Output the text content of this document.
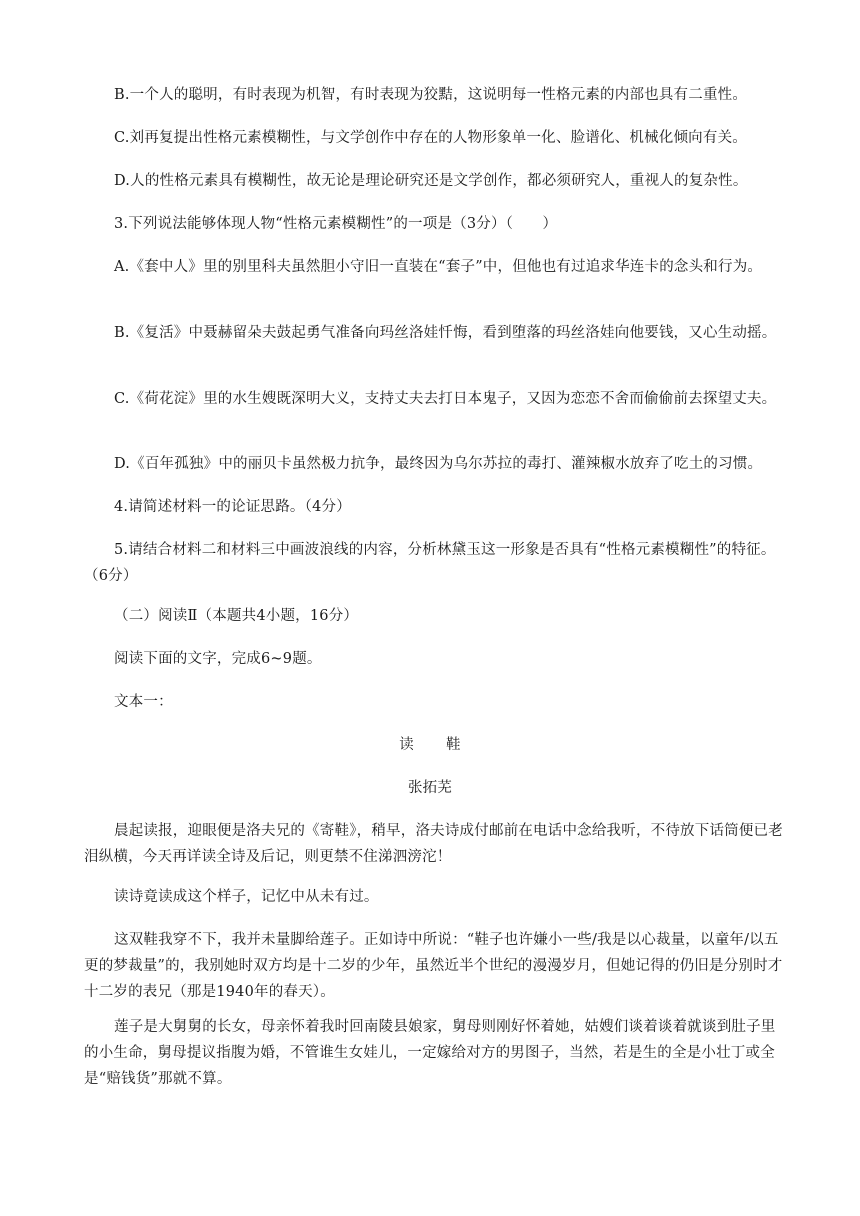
B.一个人的聪明，有时表现为机智，有时表现为狡黠，这说明每一性格元素的内部也具有二重性。
C.刘再复提出性格元素模糊性，与文学创作中存在的人物形象单一化、脸谱化、机械化倾向有关。
D.人的性格元素具有模糊性，故无论是理论研究还是文学创作，都必须研究人，重视人的复杂性。
3.下列说法能够体现人物“性格元素模糊性”的一项是（3分）（　　）
A.《套中人》里的别里科夫虽然胆小守旧一直装在“套子”中，但他也有过追求华连卡的念头和行为。
B.《复活》中聂赫留朵夫鼓起勇气准备向玛丝洛娃忏悔，看到堕落的玛丝洛娃向他要钱，又心生动摇。
C.《荷花淀》里的水生嫂既深明大义，支持丈夫去打日本鬼子，又因为恋恋不舍而偷偷前去探望丈夫。
D.《百年孤独》中的丽贝卡虽然极力抗争，最终因为乌尔苏拉的毒打、灌辣椒水放弃了吃土的习惯。
4.请简述材料一的论证思路。（4分）
5.请结合材料二和材料三中画波浪线的内容，分析林黛玉这一形象是否具有“性格元素模糊性”的特征。（6分）
（二）阅读Ⅱ（本题共4小题，16分）
阅读下面的文字，完成6~9题。
文本一：
读 鞋
张拓芜
晨起读报，迎眼便是洛夫兄的《寄鞋》，稍早，洛夫诗成付邮前在电话中念给我听，不待放下话筒便已老泪纵横，今天再详读全诗及后记，则更禁不住涕泗滂沱！
读诗竟读成这个样子，记忆中从未有过。
这双鞋我穿不下，我并未量脚给莲子。正如诗中所说：“鞋子也许嫌小一些/我是以心裁量，以童年/以五更的梦裁量”的，我别她时双方均是十二岁的少年，虽然近半个世纪的漫漫岁月，但她记得的仍旧是分别时才十二岁的表兄（那是1940年的春天）。
莲子是大舅舅的长女，母亲怀着我时回南陵县娘家，舅母则刚好怀着她，姑嫂们谈着谈着就谈到肚子里的小生命，舅母提议指腹为婚，不管谁生女娃儿，一定嫁给对方的男图子，当然，若是生的全是小壮丁或全是“赔钱货”那就不算。
